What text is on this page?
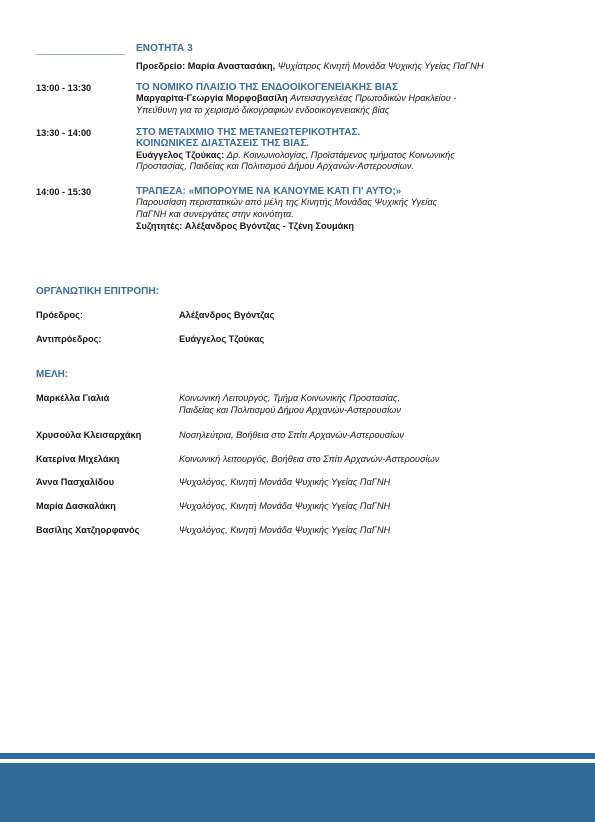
ΕΝΟΤΗΤΑ 3
Προεδρείο: Μαρία Αναστασάκη, Ψυχίατρος Κινητή Μονάδα Ψυχικής Υγείας ΠαΓΝΗ
13:00 - 13:30	ΤΟ ΝΟΜΙΚΟ ΠΛΑΙΣΙΟ ΤΗΣ ΕΝΔΟΟΙΚΟΓΕΝΕΙΑΚΗΣ ΒΙΑΣ
Μαργαρίτα-Γεωργία Μορφοβασίλη Αντεισαγγελέας Πρωτοδικών Ηρακλείου -
Υπεύθυνη για το χειρισμό δικογραφιών ενδοοικογενειακής βίας
13:30 - 14:00	ΣΤΟ ΜΕΤΑΙΧΜΙΟ ΤΗΣ ΜΕΤΑΝΕΩΤΕΡΙΚΟΤΗΤΑΣ.
ΚΟΙΝΩΝΙΚΕΣ ΔΙΑΣΤΑΣΕΙΣ ΤΗΣ ΒΙΑΣ.
Ευάγγελος Τζούκας: Δρ. Κοινωνιολογίας, Προϊστάμενος τμήματος Κοινωνικής
Προστασίας, Παιδείας και Πολιτισμού Δήμου Αρχανών-Αστερουσίων.
14:00 - 15:30	ΤΡΑΠΕΖΑ: «ΜΠΟΡΟΥΜΕ ΝΑ ΚΑΝΟΥΜΕ ΚΑΤΙ ΓΙ’ ΑΥΤΟ;»
Παρουσίαση περιστατικών από μέλη της Κινητής Μονάδας Ψυχικής Υγείας
ΠαΓΝΗ και συνεργάτες στην κοινότητα.
Συζητητές: Αλέξανδρος Βγόντζας - Τζένη Σουμάκη
ΟΡΓΑΝΩΤΙΚΗ ΕΠΙΤΡΟΠΗ:
Πρόεδρος:	Αλέξανδρος Βγόντζας
Αντιπρόεδρος:	Ευάγγελος Τζούκας
ΜΕΛΗ:
Μαρκέλλα Γιαλιά	Κοινωνική Λειτουργός, Τμήμα Κοινωνικής Προστασίας,
Παιδείας και Πολιτισμού Δήμου Αρχανών-Αστερουσίων
Χρυσούλα Κλεισαρχάκη	Νοσηλεύτρια, Βοήθεια στο Σπίτι Αρχανών-Αστερουσίων
Κατερίνα Μιχελάκη	Κοινωνική λειτουργός, Βοήθεια στο Σπίτι Αρχανών-Αστερουσίων
Άννα Πασχαλίδου	Ψυχολόγος, Κινητή Μονάδα Ψυχικής Υγείας ΠαΓΝΗ
Μαρία Δασκαλάκη	Ψυχολόγος, Κινητή Μονάδα Ψυχικής Υγείας ΠαΓΝΗ
Βασίλης Χατζηορφανός	Ψυχολόγος, Κινητή Μονάδα Ψυχικής Υγείας ΠαΓΝΗ
